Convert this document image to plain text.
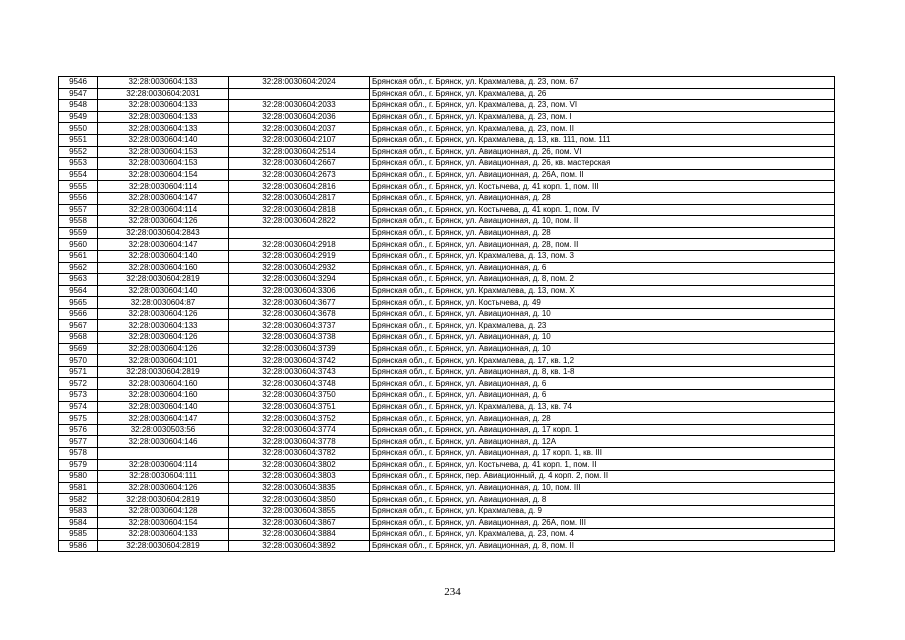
9546	32:28:0030604:133	32:28:0030604:2024	Брянская обл., г. Брянск, ул. Крахмалева, д. 23, пом. 67
9547	32:28:0030604:2031		Брянская обл., г. Брянск, ул. Крахмалева, д. 26
9548	32:28:0030604:133	32:28:0030604:2033	Брянская обл., г. Брянск, ул. Крахмалева, д. 23, пом. VI
9549	32:28:0030604:133	32:28:0030604:2036	Брянская обл., г. Брянск, ул. Крахмалева, д. 23, пом. I
9550	32:28:0030604:133	32:28:0030604:2037	Брянская обл., г. Брянск, ул. Крахмалева, д. 23, пом. II
9551	32:28:0030604:140	32:28:0030604:2107	Брянская обл., г. Брянск, ул. Крахмалева, д. 13, кв. 111, пом. 111
9552	32:28:0030604:153	32:28:0030604:2514	Брянская обл., г. Брянск, ул. Авиационная, д. 26, пом. VI
9553	32:28:0030604:153	32:28:0030604:2667	Брянская обл., г. Брянск, ул. Авиационная, д. 26, кв. мастерская
9554	32:28:0030604:154	32:28:0030604:2673	Брянская обл., г. Брянск, ул. Авиационная, д. 26А, пом. II
9555	32:28:0030604:114	32:28:0030604:2816	Брянская обл., г. Брянск, ул. Костычева, д. 41 корп. 1, пом. III
9556	32:28:0030604:147	32:28:0030604:2817	Брянская обл., г. Брянск, ул. Авиационная, д. 28
9557	32:28:0030604:114	32:28:0030604:2818	Брянская обл., г. Брянск, ул. Костычева, д. 41 корп. 1, пом. IV
9558	32:28:0030604:126	32:28:0030604:2822	Брянская обл., г. Брянск, ул. Авиационная, д. 10, пом. II
9559	32:28:0030604:2843		Брянская обл., г. Брянск, ул. Авиационная, д. 28
9560	32:28:0030604:147	32:28:0030604:2918	Брянская обл., г. Брянск, ул. Авиационная, д. 28, пом. II
9561	32:28:0030604:140	32:28:0030604:2919	Брянская обл., г. Брянск, ул. Крахмалева, д. 13, пом. 3
9562	32:28:0030604:160	32:28:0030604:2932	Брянская обл., г. Брянск, ул. Авиационная, д. 6
9563	32:28:0030604:2819	32:28:0030604:3294	Брянская обл., г. Брянск, ул. Авиационная, д. 8, пом. 2
9564	32:28:0030604:140	32:28:0030604:3306	Брянская обл., г. Брянск, ул. Крахмалева, д. 13, пом. Х
9565	32:28:0030604:87	32:28:0030604:3677	Брянская обл., г. Брянск, ул. Костычева, д. 49
9566	32:28:0030604:126	32:28:0030604:3678	Брянская обл., г. Брянск, ул. Авиационная, д. 10
9567	32:28:0030604:133	32:28:0030604:3737	Брянская обл., г. Брянск, ул. Крахмалева, д. 23
9568	32:28:0030604:126	32:28:0030604:3738	Брянская обл., г. Брянск, ул. Авиационная, д. 10
9569	32:28:0030604:126	32:28:0030604:3739	Брянская обл., г. Брянск, ул. Авиационная, д. 10
9570	32:28:0030604:101	32:28:0030604:3742	Брянская обл., г. Брянск, ул. Крахмалева, д. 17, кв. 1,2
9571	32:28:0030604:2819	32:28:0030604:3743	Брянская обл., г. Брянск, ул. Авиационная, д. 8, кв. 1-8
9572	32:28:0030604:160	32:28:0030604:3748	Брянская обл., г. Брянск, ул. Авиационная, д. 6
9573	32:28:0030604:160	32:28:0030604:3750	Брянская обл., г. Брянск, ул. Авиационная, д. 6
9574	32:28:0030604:140	32:28:0030604:3751	Брянская обл., г. Брянск, ул. Крахмалева, д. 13, кв. 74
9575	32:28:0030604:147	32:28:0030604:3752	Брянская обл., г. Брянск, ул. Авиационная, д. 28
9576	32:28:0030503:56	32:28:0030604:3774	Брянская обл., г. Брянск, ул. Авиационная, д. 17 корп. 1
9577	32:28:0030604:146	32:28:0030604:3778	Брянская обл., г. Брянск, ул. Авиационная, д. 12А
9578		32:28:0030604:3782	Брянская обл., г. Брянск, ул. Авиационная, д. 17 корп. 1, кв. III
9579	32:28:0030604:114	32:28:0030604:3802	Брянская обл., г. Брянск, ул. Костычева, д. 41 корп. 1, пом. II
9580	32:28:0030604:111	32:28:0030604:3803	Брянская обл., г. Брянск, пер. Авиационный, д. 4 корп. 2, пом. II
9581	32:28:0030604:126	32:28:0030604:3835	Брянская обл., г. Брянск, ул. Авиационная, д. 10, пом. III
9582	32:28:0030604:2819	32:28:0030604:3850	Брянская обл., г. Брянск, ул. Авиационная, д. 8
9583	32:28:0030604:128	32:28:0030604:3855	Брянская обл., г. Брянск, ул. Крахмалева, д. 9
9584	32:28:0030604:154	32:28:0030604:3867	Брянская обл., г. Брянск, ул. Авиационная, д. 26А, пом. III
9585	32:28:0030604:133	32:28:0030604:3884	Брянская обл., г. Брянск, ул. Крахмалева, д. 23, пом. 4
9586	32:28:0030604:2819	32:28:0030604:3892	Брянская обл., г. Брянск, ул. Авиационная, д. 8, пом. II
234
